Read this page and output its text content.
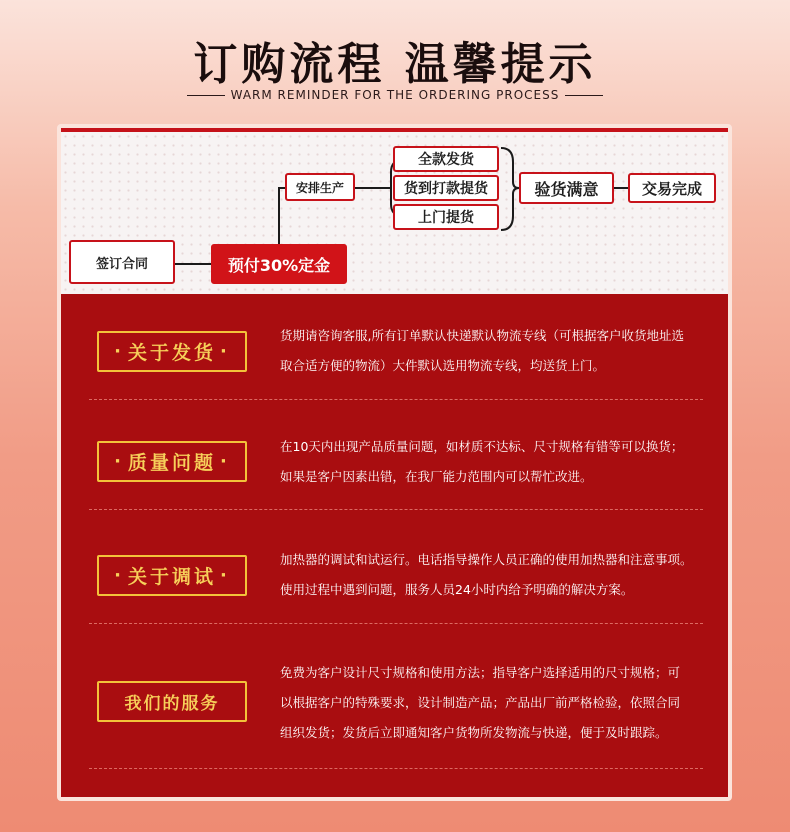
订购流程 温馨提示
WARM REMINDER FOR THE ORDERING PROCESS
签订合同	预付30%定金
安排生产
全款发货
货到打款提货
上门提货
验货满意	交易完成
· 关于发货 ·
货期请咨询客服,所有订单默认快递默认物流专线（可根据客户收货地址选
取合适方便的物流）大件默认选用物流专线，均送货上门。
· 质量问题 ·
在10天内出现产品质量问题，如材质不达标、尺寸规格有错等可以换货；
如果是客户因素出错，在我厂能力范围内可以帮忙改进。
· 关于调试 ·
加热器的调试和试运行。电话指导操作人员正确的使用加热器和注意事项。
使用过程中遇到问题，服务人员24小时内给予明确的解决方案。
我们的服务
免费为客户设计尺寸规格和使用方法；指导客户选择适用的尺寸规格；可
以根据客户的特殊要求，设计制造产品；产品出厂前严格检验，依照合同
组织发货；发货后立即通知客户货物所发物流与快递，便于及时跟踪。
